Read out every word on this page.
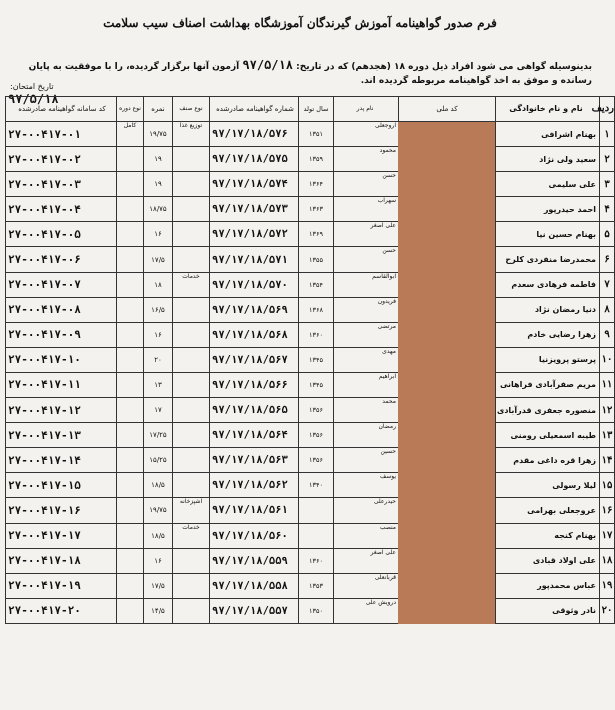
فرم صدور گواهینامه آموزش گیرندگان آموزشگاه بهداشت اصناف سیب سلامت
بدینوسیله گواهی می شود افراد ذیل دوره ۱۸ (هجدهم) که در تاریخ: ۹۷/۵/۱۸ آزمون آنها برگزار گردیده، را با موفقیت به پایان رسانده و موفق به اخذ گواهینامه مربوطه گردیده اند.
تاریخ امتحان:
۹۷/۵/۱۸
ردیف	نام و نام خانوادگی	کد ملی	نام پدر	سال تولد	شماره گواهینامه صادرشده	نوع صنف	نمره	نوع دوره	کد سامانه گواهینامه صادرشده
۱	بهنام اشرافی		اروجعلی	۱۳۵۱	۹۷/۱۷/۱۸/۵۷۶	توزیع غذا	۱۹/۷۵	کامل	۲۷-۰۰۴۱۷-۰۱
۲	سعید ولی نژاد		محمود	۱۳۵۹	۹۷/۱۷/۱۸/۵۷۵		۱۹		۲۷-۰۰۴۱۷-۰۲
۳	علی سلیمی		حسن	۱۳۶۴	۹۷/۱۷/۱۸/۵۷۴		۱۹		۲۷-۰۰۴۱۷-۰۳
۴	احمد حیدرپور		سهراب	۱۳۶۳	۹۷/۱۷/۱۸/۵۷۳		۱۸/۷۵		۲۷-۰۰۴۱۷-۰۴
۵	بهنام حسین نیا		علی اصغر	۱۳۶۹	۹۷/۱۷/۱۸/۵۷۲		۱۶		۲۷-۰۰۴۱۷-۰۵
۶	محمدرضا منفردی کلرح		حسن	۱۳۵۵	۹۷/۱۷/۱۸/۵۷۱		۱۷/۵		۲۷-۰۰۴۱۷-۰۶
۷	فاطمه فرهادی سعدم		ابوالقاسم	۱۳۵۴	۹۷/۱۷/۱۸/۵۷۰	خدمات	۱۸		۲۷-۰۰۴۱۷-۰۷
۸	دنیا رمضان نژاد		فریدون	۱۳۶۸	۹۷/۱۷/۱۸/۵۶۹		۱۶/۵		۲۷-۰۰۴۱۷-۰۸
۹	زهرا رضایی خادم		مرتضی	۱۳۶۰	۹۷/۱۷/۱۸/۵۶۸		۱۶		۲۷-۰۰۴۱۷-۰۹
۱۰	پرستو پرویزنیا		مهدی	۱۳۴۵	۹۷/۱۷/۱۸/۵۶۷		۲۰		۲۷-۰۰۴۱۷-۱۰
۱۱	مریم صفرآبادی فراهانی		ابراهیم	۱۳۴۵	۹۷/۱۷/۱۸/۵۶۶		۱۳		۲۷-۰۰۴۱۷-۱۱
۱۲	منصوره جعفری قدرآبادی		محمد	۱۳۵۶	۹۷/۱۷/۱۸/۵۶۵		۱۷		۲۷-۰۰۴۱۷-۱۲
۱۳	طیبه اسمعیلی رومنی		رمضان	۱۳۵۶	۹۷/۱۷/۱۸/۵۶۴		۱۷/۲۵		۲۷-۰۰۴۱۷-۱۳
۱۴	زهرا قره داغی مقدم		حسین	۱۳۵۶	۹۷/۱۷/۱۸/۵۶۳		۱۵/۲۵		۲۷-۰۰۴۱۷-۱۴
۱۵	لیلا رسولی		یوسف	۱۳۴۰	۹۷/۱۷/۱۸/۵۶۲		۱۸/۵		۲۷-۰۰۴۱۷-۱۵
۱۶	عروجعلی بهرامی		حیدرعلی		۹۷/۱۷/۱۸/۵۶۱	آشپزخانه	۱۹/۷۵		۲۷-۰۰۴۱۷-۱۶
۱۷	بهنام کنجه		منصب		۹۷/۱۷/۱۸/۵۶۰	خدمات	۱۸/۵		۲۷-۰۰۴۱۷-۱۷
۱۸	علی اولاد قبادی		علی اصغر	۱۳۶۰	۹۷/۱۷/۱۸/۵۵۹		۱۶		۲۷-۰۰۴۱۷-۱۸
۱۹	عباس محمدپور		قربانعلی	۱۳۵۳	۹۷/۱۷/۱۸/۵۵۸		۱۷/۵		۲۷-۰۰۴۱۷-۱۹
۲۰	نادر وثوقی		درویش علی	۱۳۵۰	۹۷/۱۷/۱۸/۵۵۷		۱۴/۵		۲۷-۰۰۴۱۷-۲۰
